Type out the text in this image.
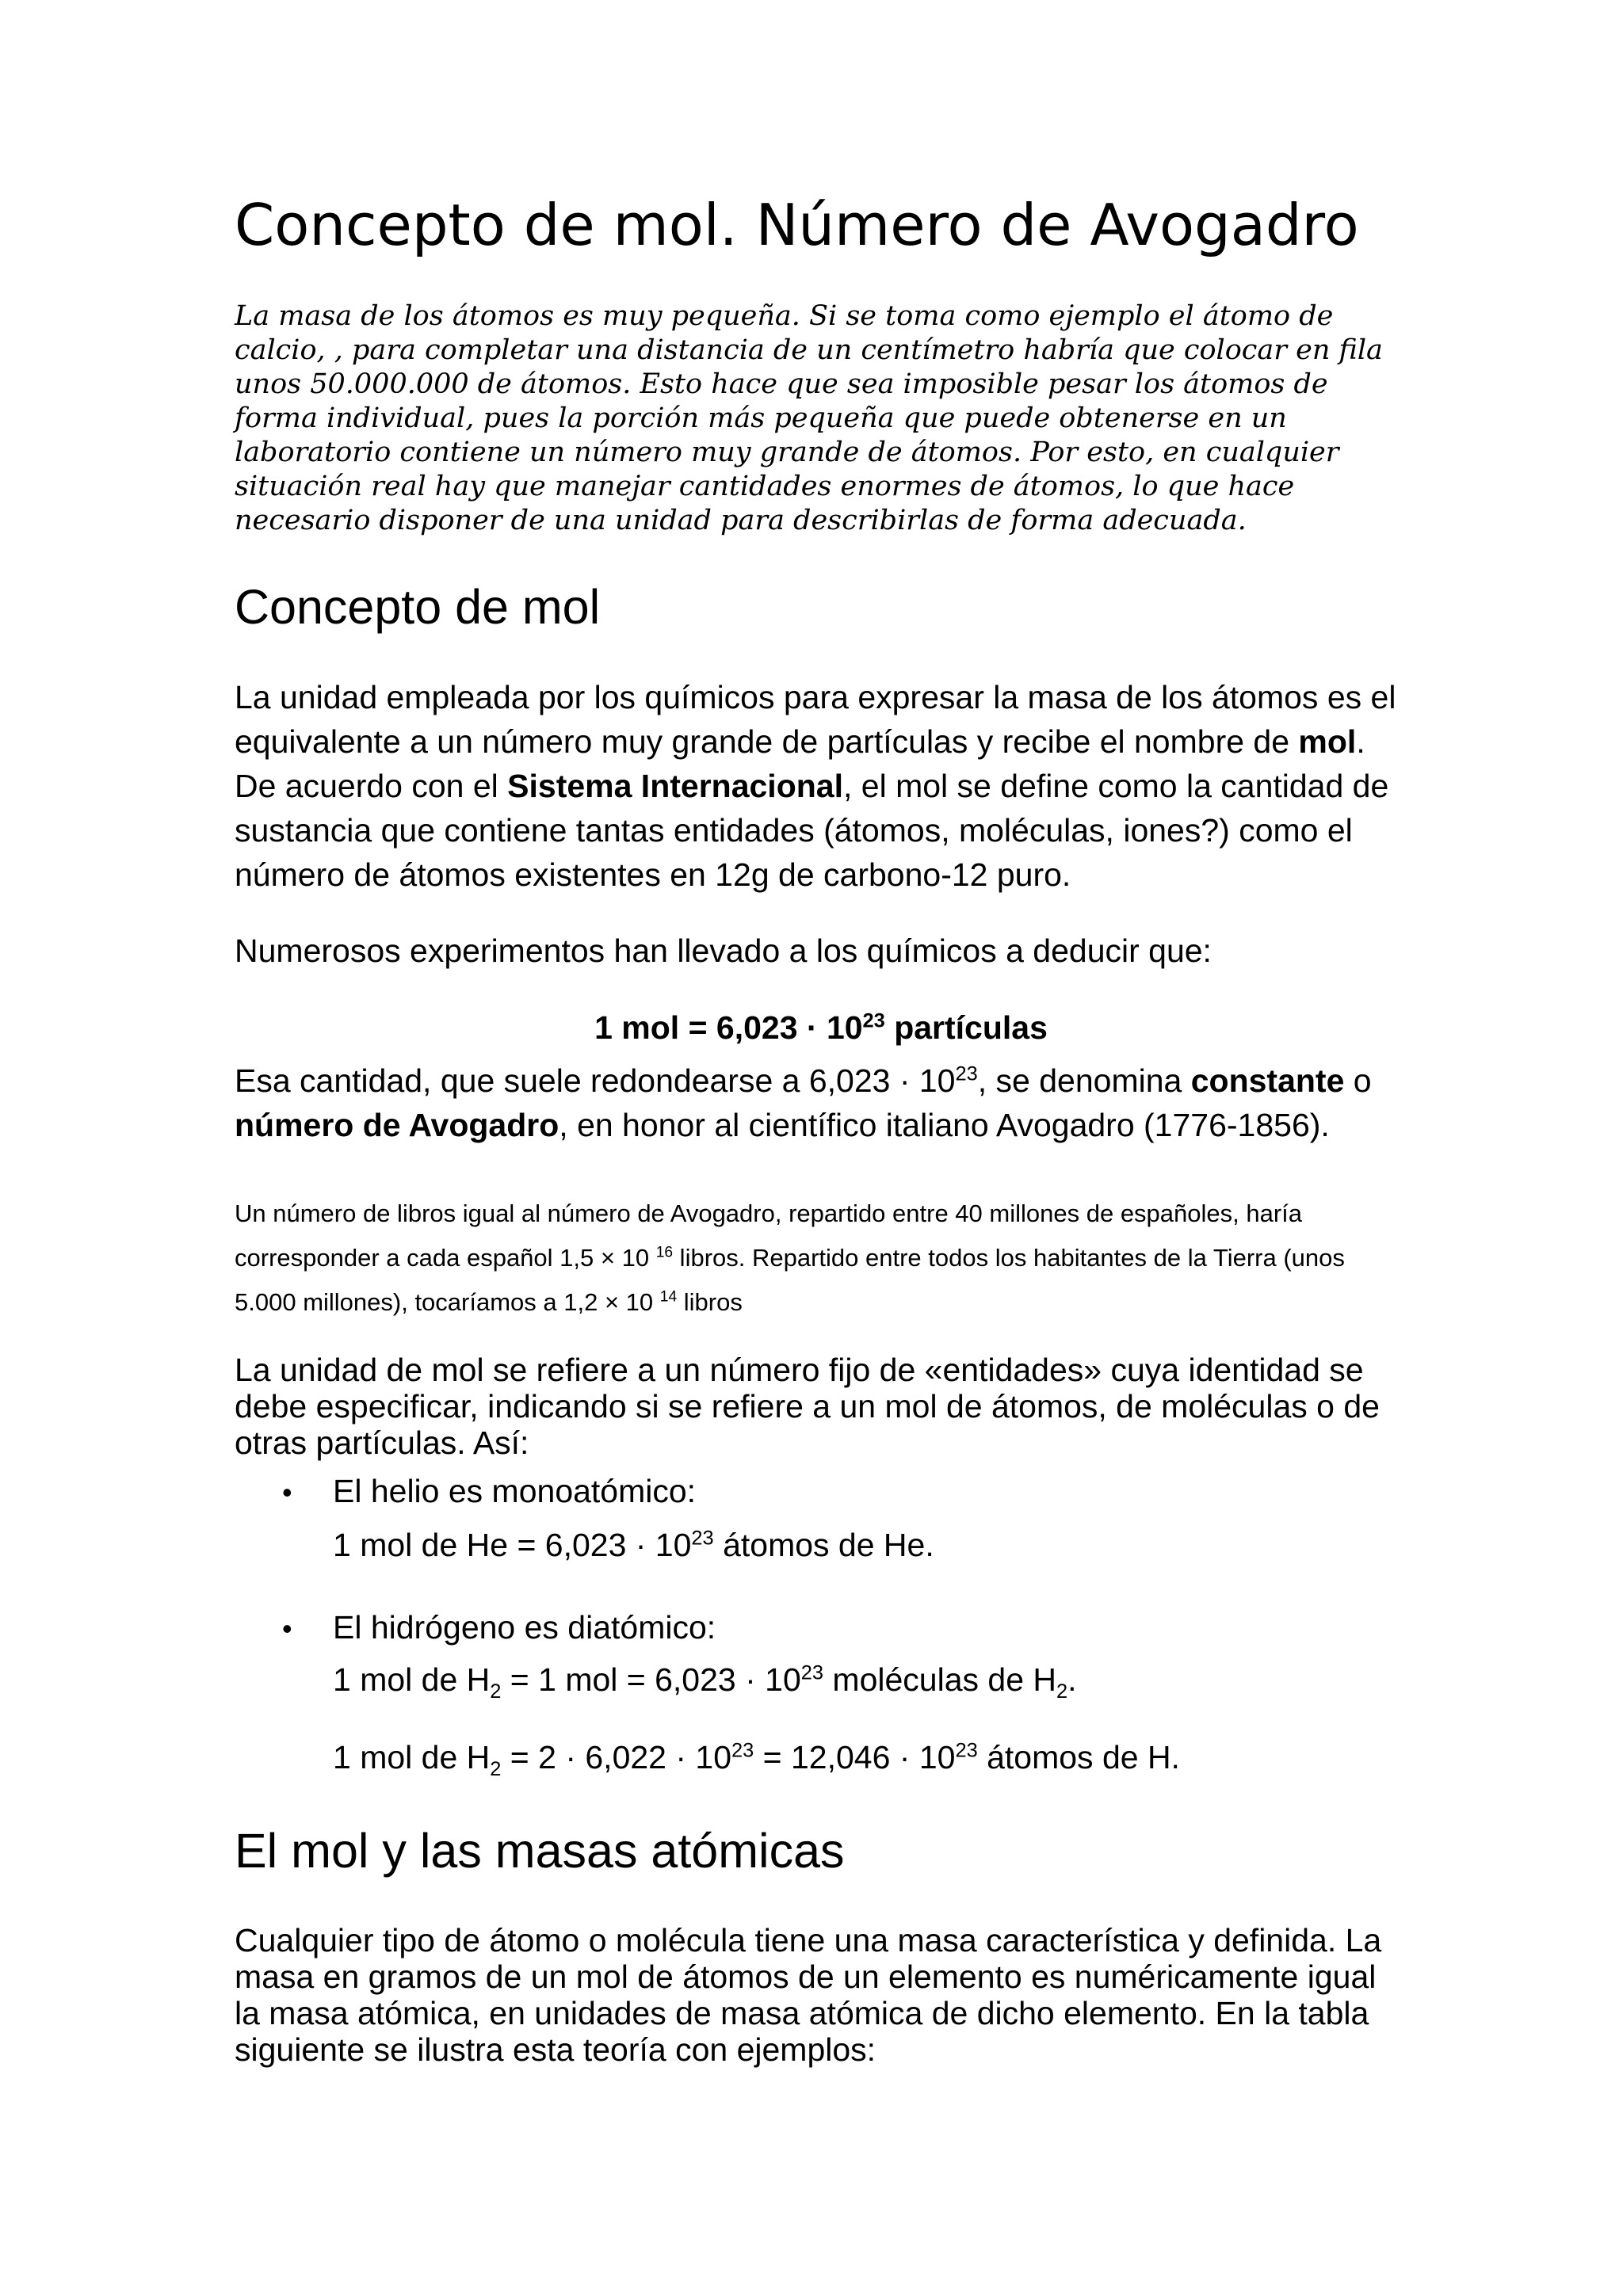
Concepto de mol. Número de Avogadro

La masa de los átomos es muy pequeña. Si se toma como ejemplo el átomo de calcio, , para completar una distancia de un centímetro habría que colocar en fila unos 50.000.000 de átomos. Esto hace que sea imposible pesar los átomos de forma individual, pues la porción más pequeña que puede obtenerse en un laboratorio contiene un número muy grande de átomos. Por esto, en cualquier situación real hay que manejar cantidades enormes de átomos, lo que hace necesario disponer de una unidad para describirlas de forma adecuada.

Concepto de mol

La unidad empleada por los químicos para expresar la masa de los átomos es el equivalente a un número muy grande de partículas y recibe el nombre de mol. De acuerdo con el Sistema Internacional, el mol se define como la cantidad de sustancia que contiene tantas entidades (átomos, moléculas, iones?) como el número de átomos existentes en 12g de carbono-12 puro.

Numerosos experimentos han llevado a los químicos a deducir que:

1 mol = $6,023 \cdot 10^{23}$ partículas

Esa cantidad, que suele redondearse a $6,023 \cdot 10^{23}$, se denomina constante o número de Avogadro, en honor al científico italiano Avogadro (1776-1856).

Un número de libros igual al número de Avogadro, repartido entre 40 millones de españoles, haría corresponder a cada español 1,5 × 10 $^{16}$ libros. Repartido entre todos los habitantes de la Tierra (unos 5.000 millones), tocaríamos a 1,2 × 10 $^{14}$ libros

La unidad de mol se refiere a un número fijo de «entidades» cuya identidad se debe especificar, indicando si se refiere a un mol de átomos, de moléculas o de otras partículas. Así:

• El helio es monoatómico:

1 mol de $He = 6,023 \cdot 10^{23}$ átomos de He.

• El hidrógeno es diatómico:

1 mol de $H_2 = 1$ mol = $6,023 \cdot 10^{23}$ moléculas de $H_2$.

1 mol de $H_2 = 2 \cdot 6,022 \cdot 10^{23} = 12,046 \cdot 10^{23}$ átomos de H.

El mol y las masas atómicas

Cualquier tipo de átomo o molécula tiene una masa característica y definida. La masa en gramos de un mol de átomos de un elemento es numéricamente igual la masa atómica, en unidades de masa atómica de dicho elemento. En la tabla siguiente se ilustra esta teoría con ejemplos:
